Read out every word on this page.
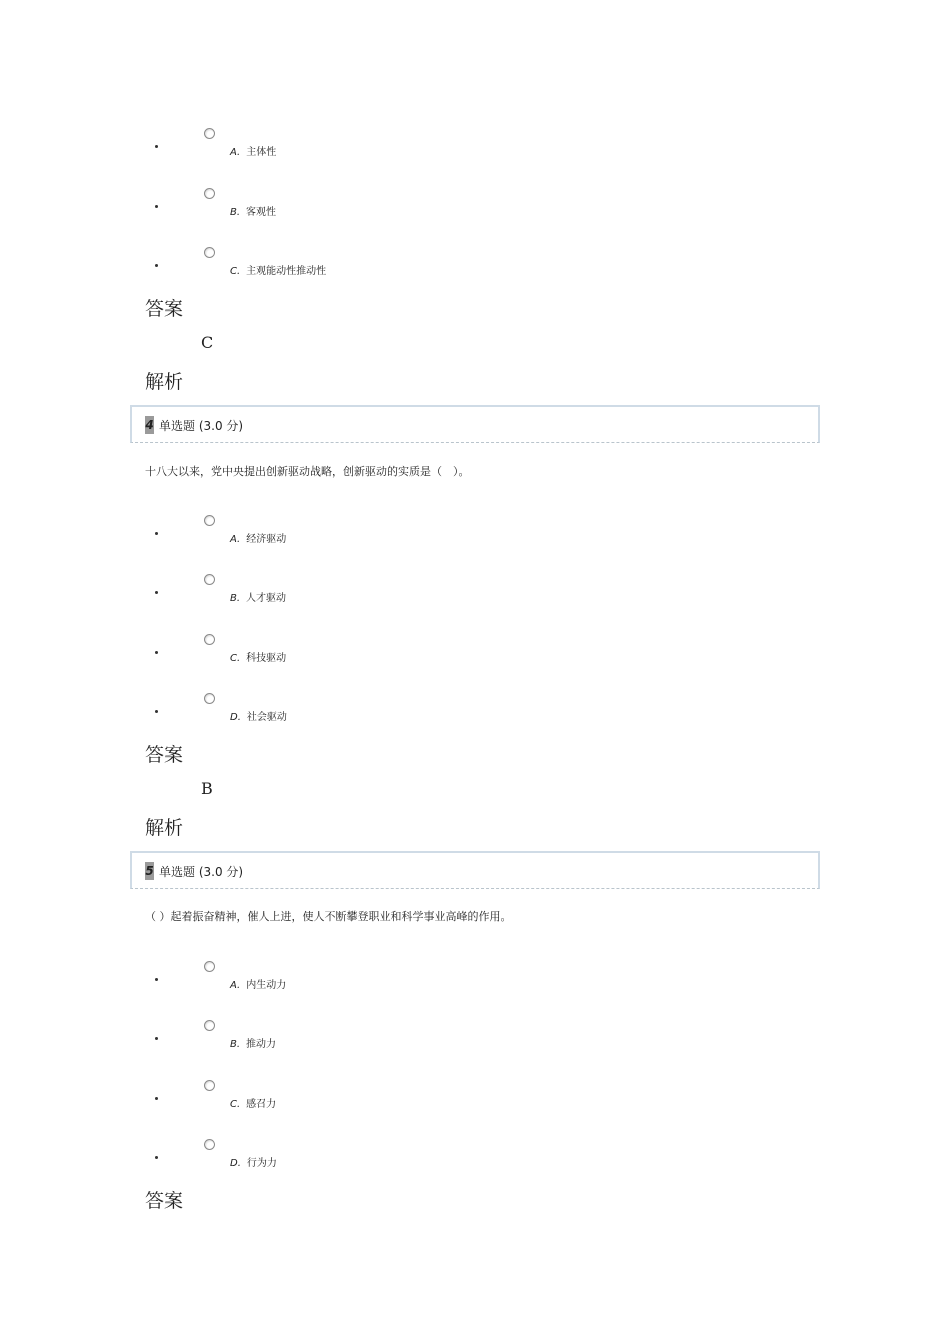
A. 主体性
B. 客观性
C. 主观能动性推动性
答案
C
解析
4 单选题 (3.0 分)
十八大以来，党中央提出创新驱动战略，创新驱动的实质是（　）。
A. 经济驱动
B. 人才驱动
C. 科技驱动
D. 社会驱动
答案
B
解析
5 单选题 (3.0 分)
（ ）起着振奋精神，催人上进，使人不断攀登职业和科学事业高峰的作用。
A. 内生动力
B. 推动力
C. 感召力
D. 行为力
答案
